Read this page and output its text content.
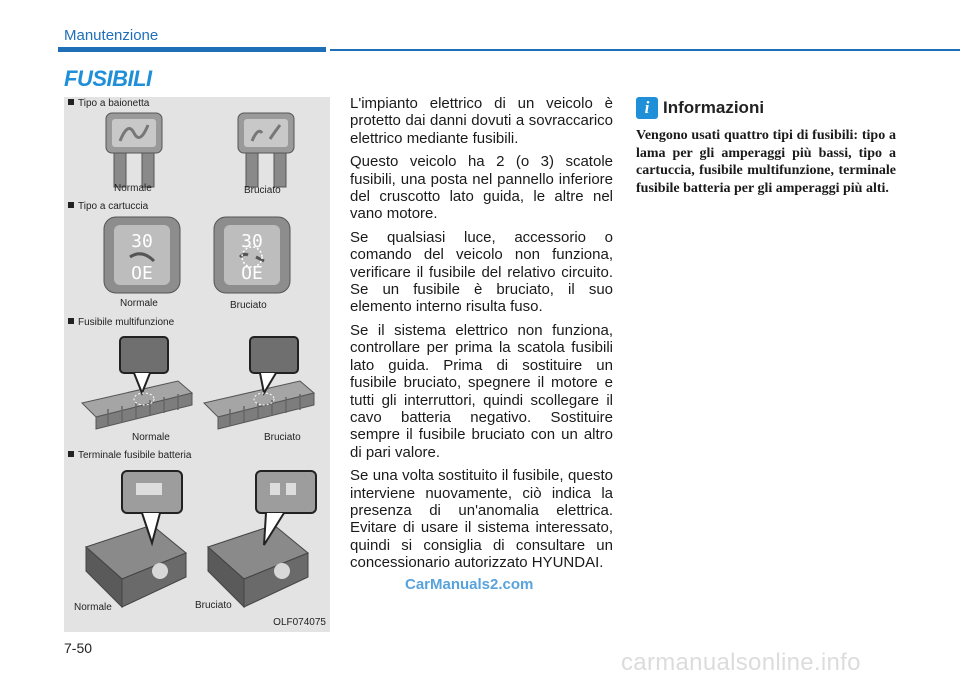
Manutenzione
FUSIBILI
Tipo a baionetta
Normale	Bruciato
Tipo a cartuccia
30
OE
Normale
30
OE
Bruciato
Fusibile multifunzione
Normale	Bruciato
Terminale fusibile batteria
Normale	Bruciato
OLF074075

L'impianto elettrico di un veicolo è protetto dai danni dovuti a sovraccarico elettrico mediante fusibili.

Questo veicolo ha 2 (o 3) scatole fusibili, una posta nel pannello inferiore del cruscotto lato guida, le altre nel vano motore.

Se qualsiasi luce, accessorio o comando del veicolo non funziona, verificare il fusibile del relativo circuito. Se un fusibile è bruciato, il suo elemento interno risulta fuso.

Se il sistema elettrico non funziona, controllare per prima la scatola fusibili lato guida. Prima di sostituire un fusibile bruciato, spegnere il motore e tutti gli interruttori, quindi scollegare il cavo batteria negativo. Sostituire sempre il fusibile bruciato con un altro di pari valore.

Se una volta sostituito il fusibile, questo interviene nuovamente, ciò indica la presenza di un'anomalia elettrica. Evitare di usare il sistema interessato, quindi si consiglia di consultare un concessionario autorizzato HYUNDAI.

i Informazioni
Vengono usati quattro tipi di fusibili: tipo a lama per gli amperaggi più bassi, tipo a cartuccia, fusibile multifunzione, terminale fusibile batteria per gli amperaggi più alti.
7-50
CarManuals2.com
carmanualsonline.info
